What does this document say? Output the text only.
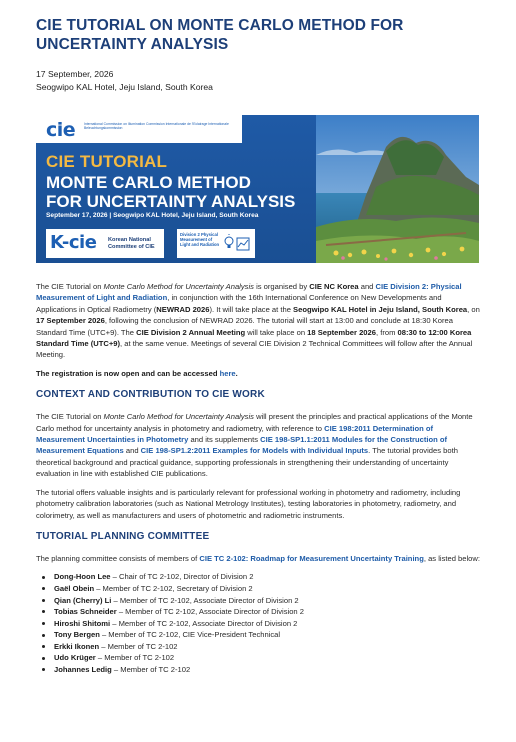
CIE TUTORIAL ON MONTE CARLO METHOD FOR UNCERTAINTY ANALYSIS
17 September, 2026
Seogwipo KAL Hotel, Jeju Island, South Korea
cie	International Commission on Illumination Commission Internationale de l'Eclairage Internationale Beleuchtungskommission
CIE TUTORIAL
MONTE CARLO METHOD
FOR UNCERTAINTY ANALYSIS
September 17, 2026 | Seogwipo KAL Hotel, Jeju Island, South Korea
K-cie Korean National
Committee of CIE
Division 2 Physical Measurement of Light and Radiation

The CIE Tutorial on Monte Carlo Method for Uncertainty Analysis is organised by CIE NC Korea and CIE Division 2: Physical Measurement of Light and Radiation, in conjunction with the 16th International Conference on New Developments and Applications in Optical Radiometry (NEWRAD 2026). It will take place at the Seogwipo KAL Hotel in Jeju Island, South Korea, on 17 September 2026, following the conclusion of NEWRAD 2026. The tutorial will start at 13:00 and conclude at 18:30 Korea Standard Time (UTC+9). The CIE Division 2 Annual Meeting will take place on 18 September 2026, from 08:30 to 12:00 Korea Standard Time (UTC+9), at the same venue. Meetings of several CIE Division 2 Technical Committees will follow after the Annual Meeting.

The registration is now open and can be accessed here.

CONTEXT AND CONTRIBUTION TO CIE WORK

The CIE Tutorial on Monte Carlo Method for Uncertainty Analysis will present the principles and practical applications of the Monte Carlo method for uncertainty analysis in photometry and radiometry, with reference to CIE 198:2011 Determination of Measurement Uncertainties in Photometry and its supplements CIE 198-SP1.1:2011 Modules for the Construction of Measurement Equations and CIE 198-SP1.2:2011 Examples for Models with Individual Inputs. The tutorial provides both theoretical background and practical guidance, supporting professionals in strengthening their understanding of uncertainty evaluation in line with established CIE publications.

The tutorial offers valuable insights and is particularly relevant for professional working in photometry and radiometry, including photometry calibration laboratories (such as National Metrology Institutes), testing laboratories in photometry, radiometry, and colorimetry, as well as manufacturers and users of photometric and radiometric instruments.

TUTORIAL PLANNING COMMITTEE

The planning committee consists of members of CIE TC 2-102: Roadmap for Measurement Uncertainty Training, as listed below:

Dong-Hoon Lee – Chair of TC 2-102, Director of Division 2
Gaël Obein – Member of TC 2-102, Secretary of Division 2
Qian (Cherry) Li – Member of TC 2-102, Associate Director of Division 2
Tobias Schneider – Member of TC 2-102, Associate Director of Division 2
Hiroshi Shitomi – Member of TC 2-102, Associate Director of Division 2
Tony Bergen – Member of TC 2-102, CIE Vice-President Technical
Erkki Ikonen – Member of TC 2-102
Udo Krüger – Member of TC 2-102
Johannes Ledig – Member of TC 2-102
